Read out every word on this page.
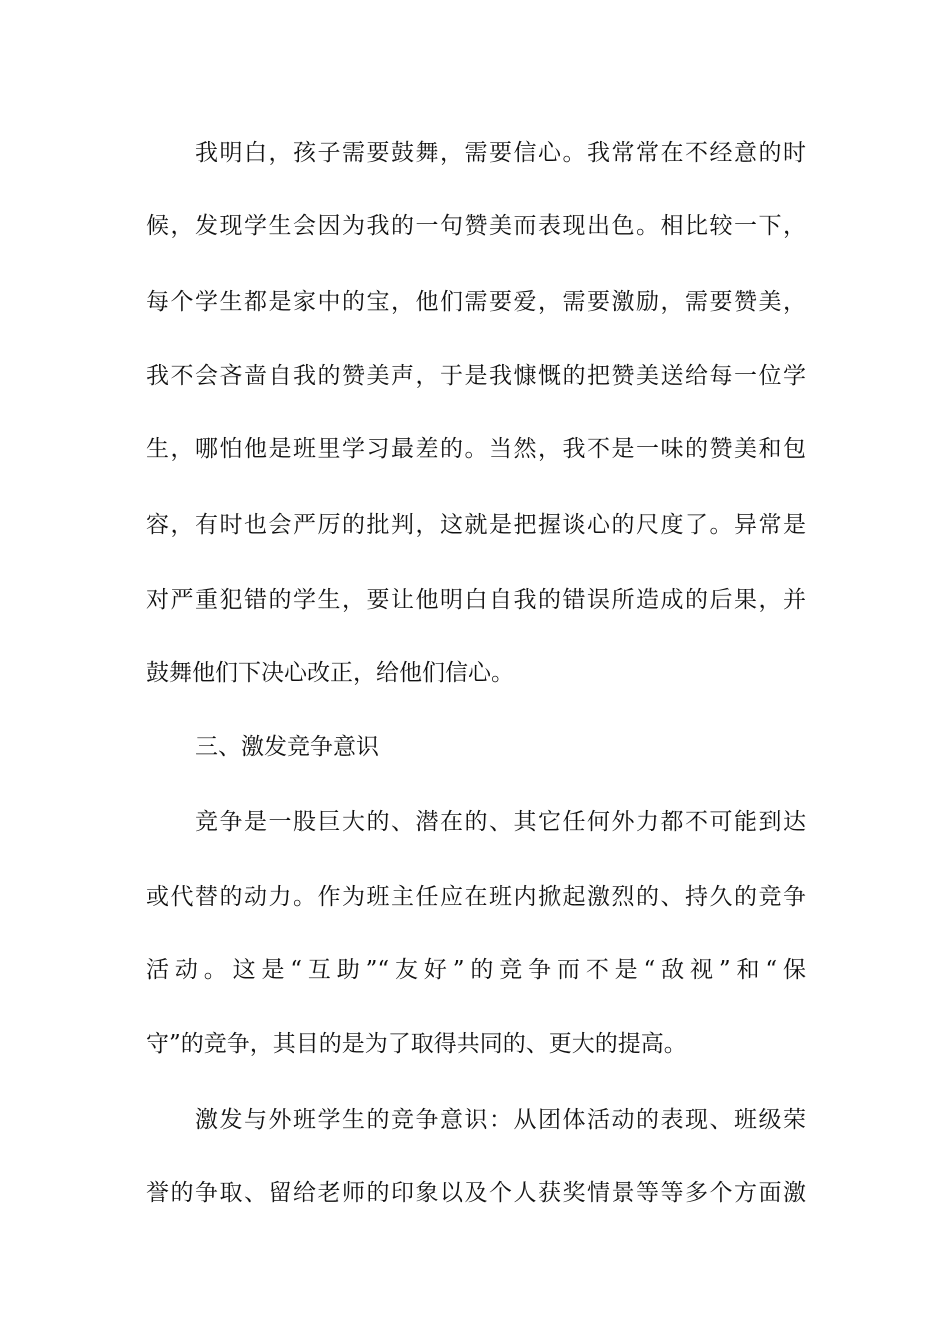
我明白，孩子需要鼓舞，需要信心。我常常在不经意的时
候，发现学生会因为我的一句赞美而表现出色。相比较一下，
每个学生都是家中的宝，他们需要爱，需要激励，需要赞美，
我不会吝啬自我的赞美声，于是我慷慨的把赞美送给每一位学
生，哪怕他是班里学习最差的。当然，我不是一味的赞美和包
容，有时也会严厉的批判，这就是把握谈心的尺度了。异常是
对严重犯错的学生，要让他明白自我的错误所造成的后果，并
鼓舞他们下决心改正，给他们信心。
三、激发竞争意识
竞争是一股巨大的、潜在的、其它任何外力都不可能到达
或代替的动力。作为班主任应在班内掀起激烈的、持久的竞争
活动。这是“互助”“友好”的竞争而不是“敌视”和“保
守”的竞争，其目的是为了取得共同的、更大的提高。
激发与外班学生的竞争意识：从团体活动的表现、班级荣
誉的争取、留给老师的印象以及个人获奖情景等等多个方面激
